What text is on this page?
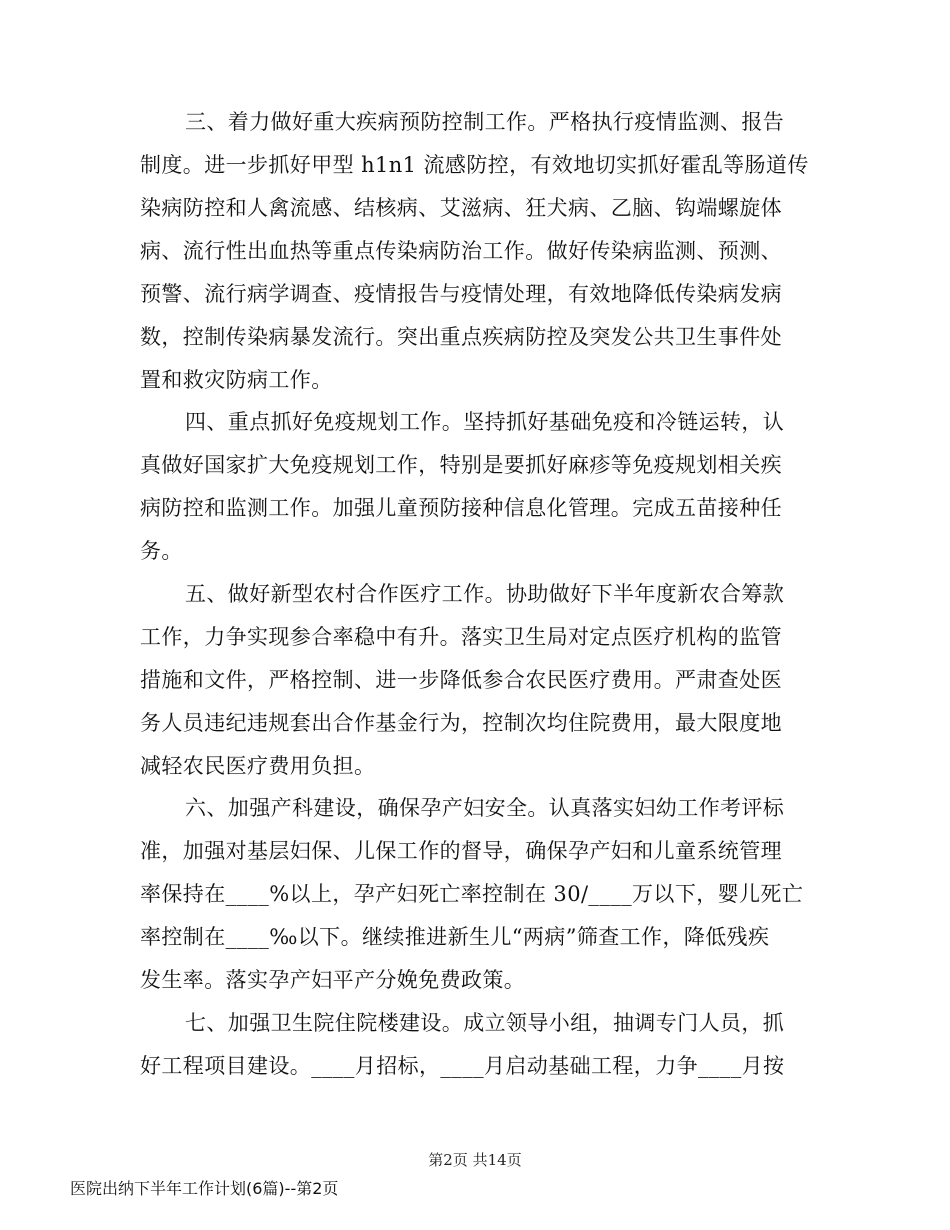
三、着力做好重大疾病预防控制工作。严格执行疫情监测、报告
制度。进一步抓好甲型 h1n1 流感防控，有效地切实抓好霍乱等肠道传
染病防控和人禽流感、结核病、艾滋病、狂犬病、乙脑、钩端螺旋体
病、流行性出血热等重点传染病防治工作。做好传染病监测、预测、
预警、流行病学调查、疫情报告与疫情处理，有效地降低传染病发病
数，控制传染病暴发流行。突出重点疾病防控及突发公共卫生事件处
置和救灾防病工作。
四、重点抓好免疫规划工作。坚持抓好基础免疫和冷链运转，认
真做好国家扩大免疫规划工作，特别是要抓好麻疹等免疫规划相关疾
病防控和监测工作。加强儿童预防接种信息化管理。完成五苗接种任
务。
五、做好新型农村合作医疗工作。协助做好下半年度新农合筹款
工作，力争实现参合率稳中有升。落实卫生局对定点医疗机构的监管
措施和文件，严格控制、进一步降低参合农民医疗费用。严肃查处医
务人员违纪违规套出合作基金行为，控制次均住院费用，最大限度地
减轻农民医疗费用负担。
六、加强产科建设，确保孕产妇安全。认真落实妇幼工作考评标
准，加强对基层妇保、儿保工作的督导，确保孕产妇和儿童系统管理
率保持在____%以上，孕产妇死亡率控制在 30/____万以下，婴儿死亡
率控制在____‰以下。继续推进新生儿“两病”筛查工作，降低残疾
发生率。落实孕产妇平产分娩免费政策。
七、加强卫生院住院楼建设。成立领导小组，抽调专门人员，抓
好工程项目建设。____月招标，____月启动基础工程，力争____月按
第2页 共14页
医院出纳下半年工作计划(6篇)--第2页
